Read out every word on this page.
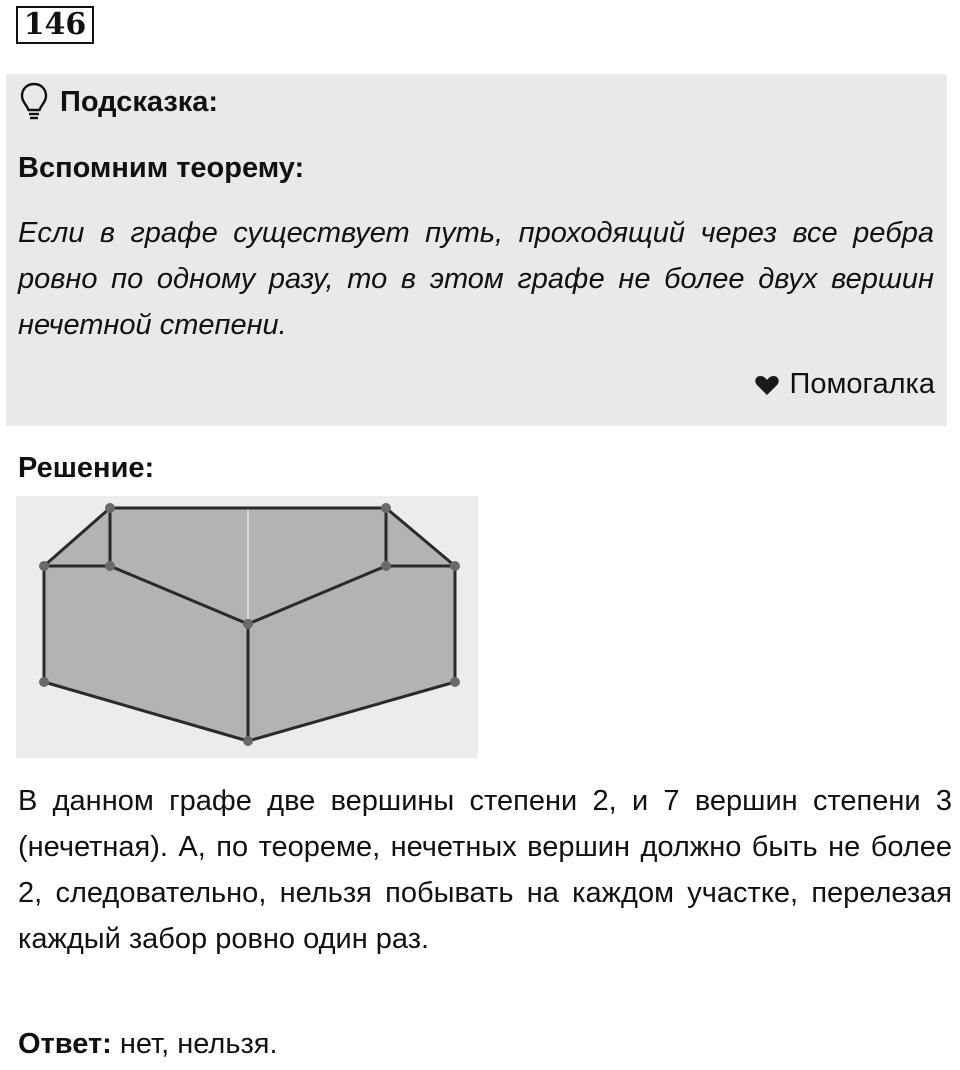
146
Подсказка:
Вспомним теорему:
Если в графе существует путь, проходящий через все ребра ровно по одному разу, то в этом графе не более двух вершин нечетной степени.
Помогалка
Решение:
В данном графе две вершины степени 2, и 7 вершин степени 3 (нечетная). А, по теореме, нечетных вершин должно быть не более 2, следовательно, нельзя побывать на каждом участке, перелезая каждый забор ровно один раз.
Ответ: нет, нельзя.
